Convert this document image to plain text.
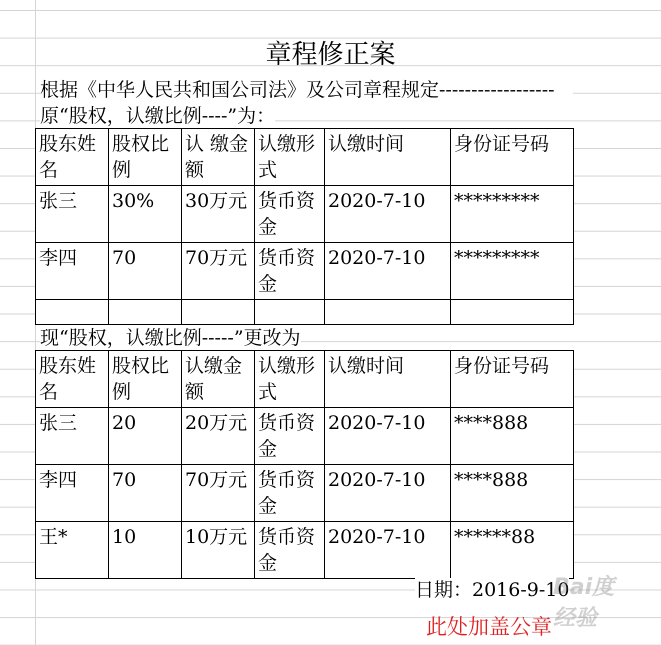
章程修正案
根据《中华人民共和国公司法》及公司章程规定------------------
原“股权，认缴比例----”为：
股东姓名	股权比例	认 缴金额	认缴形式	认缴时间	身份证号码
张三	30%	30万元	货币资金	2020-7-10	*********
李四	70	70万元	货币资金	2020-7-10	*********

现“股权，认缴比例-----”更改为
股东姓名	股权比例	认缴金额	认缴形式	认缴时间	身份证号码
张三	20	20万元	货币资金	2020-7-10	****888
李四	70	70万元	货币资金	2020-7-10	****888
王*	10	10万元	货币资金	2020-7-10	******88
日期：2016-9-10
Bai度经验
此处加盖公章
